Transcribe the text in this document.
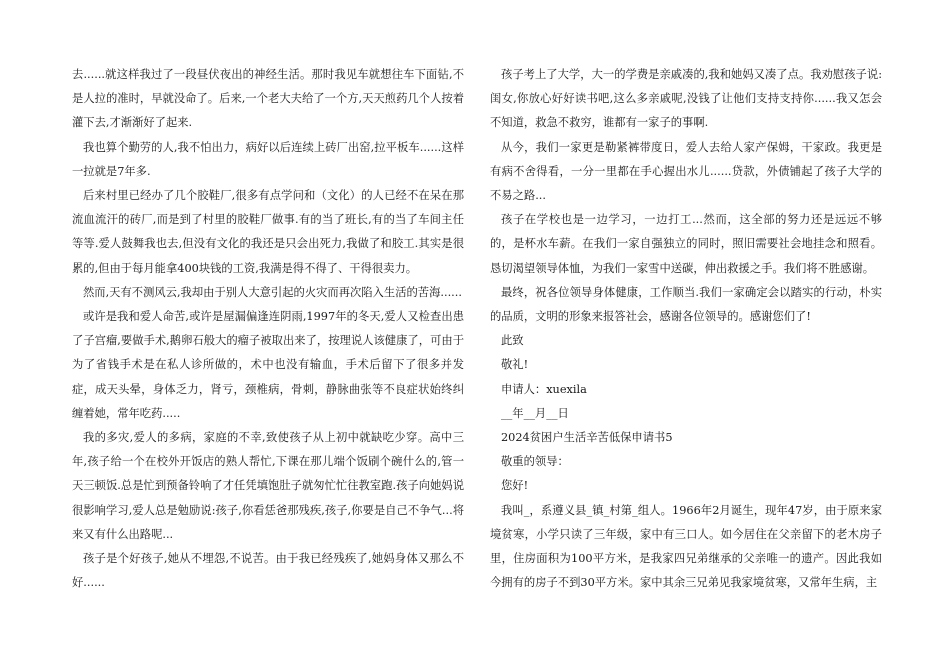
去......就这样我过了一段昼伏夜出的神经生活。那时我见车就想往车下面钻,不是人拉的准时，早就没命了。后来,一个老大夫给了一个方,天天煎药几个人按着灌下去,才渐渐好了起来.

我也算个勤劳的人,我不怕出力，病好以后连续上砖厂出窑,拉平板车......这样一拉就是7年多.

后来村里已经办了几个胶鞋厂,很多有点学问和（文化）的人已经不在呆在那流血流汗的砖厂,而是到了村里的胶鞋厂做事.有的当了班长,有的当了车间主任等等.爱人鼓舞我也去,但没有文化的我还是只会出死力,我做了和胶工.其实是很累的,但由于每月能拿400块钱的工资,我满是得不得了、干得很卖力。

然而,天有不测风云,我却由于别人大意引起的火灾而再次陷入生活的苦海......

或许是我和爱人命苦,或许是屋漏偏逢连阴雨,1997年的冬天,爱人又检查出患了子宫瘤,要做手术,鹅卵石般大的瘤子被取出来了，按理说人该健康了，可由于为了省钱手术是在私人诊所做的，术中也没有输血，手术后留下了很多并发症，成天头晕，身体乏力，肾亏，颈椎病，骨刺，静脉曲张等不良症状始终纠缠着她，常年吃药.....

我的多灾,爱人的多病，家庭的不幸,致使孩子从上初中就缺吃少穿。高中三年,孩子给一个在校外开饭店的熟人帮忙,下课在那儿端个饭刷个碗什么的,管一天三顿饭.总是忙到预备铃响了才任凭填饱肚子就匆忙忙往教室跑.孩子向她妈说很影响学习,爱人总是勉励说:孩子,你看恁爸那残疾,孩子,你要是自己不争气...将来又有什么出路呢...

孩子是个好孩子,她从不埋怨,不说苦。由于我已经残疾了,她妈身体又那么不好......

孩子考上了大学，大一的学费是亲戚凑的,我和她妈又凑了点。我劝慰孩子说:闺女,你放心好好读书吧,这么多亲戚呢,没钱了让他们支持支持你......我又怎会不知道，救急不救穷，谁都有一家子的事啊.

从今，我们一家更是勒紧裤带度日，爱人去给人家产保姆，干家政。我更是有病不舍得看，一分一里都在手心握出水儿......贷款，外债铺起了孩子大学的不易之路...

孩子在学校也是一边学习，一边打工...然而，这全部的努力还是远远不够的，是杯水车薪。在我们一家自强独立的同时，照旧需要社会地挂念和照看。恳切渴望领导体恤，为我们一家雪中送碳，伸出救援之手。我们将不胜感谢。

最终，祝各位领导身体健康，工作顺当.我们一家确定会以踏实的行动，朴实的品质，文明的形象来报答社会，感谢各位领导的。感谢您们了!

此致

敬礼!

申请人：xuexila

__年__月__日

2024贫困户生活辛苦低保申请书5

敬重的领导：

您好!

我叫_，系遵义县_镇_村第_组人。1966年2月诞生，现年47岁，由于原来家境贫寒，小学只读了三年级，家中有三口人。如今居住在父亲留下的老木房子里，住房面积为100平方米，是我家四兄弟继承的父亲唯一的遗产。因此我如今拥有的房子不到30平方米。家中其余三兄弟见我家境贫寒，又常年生病，主
